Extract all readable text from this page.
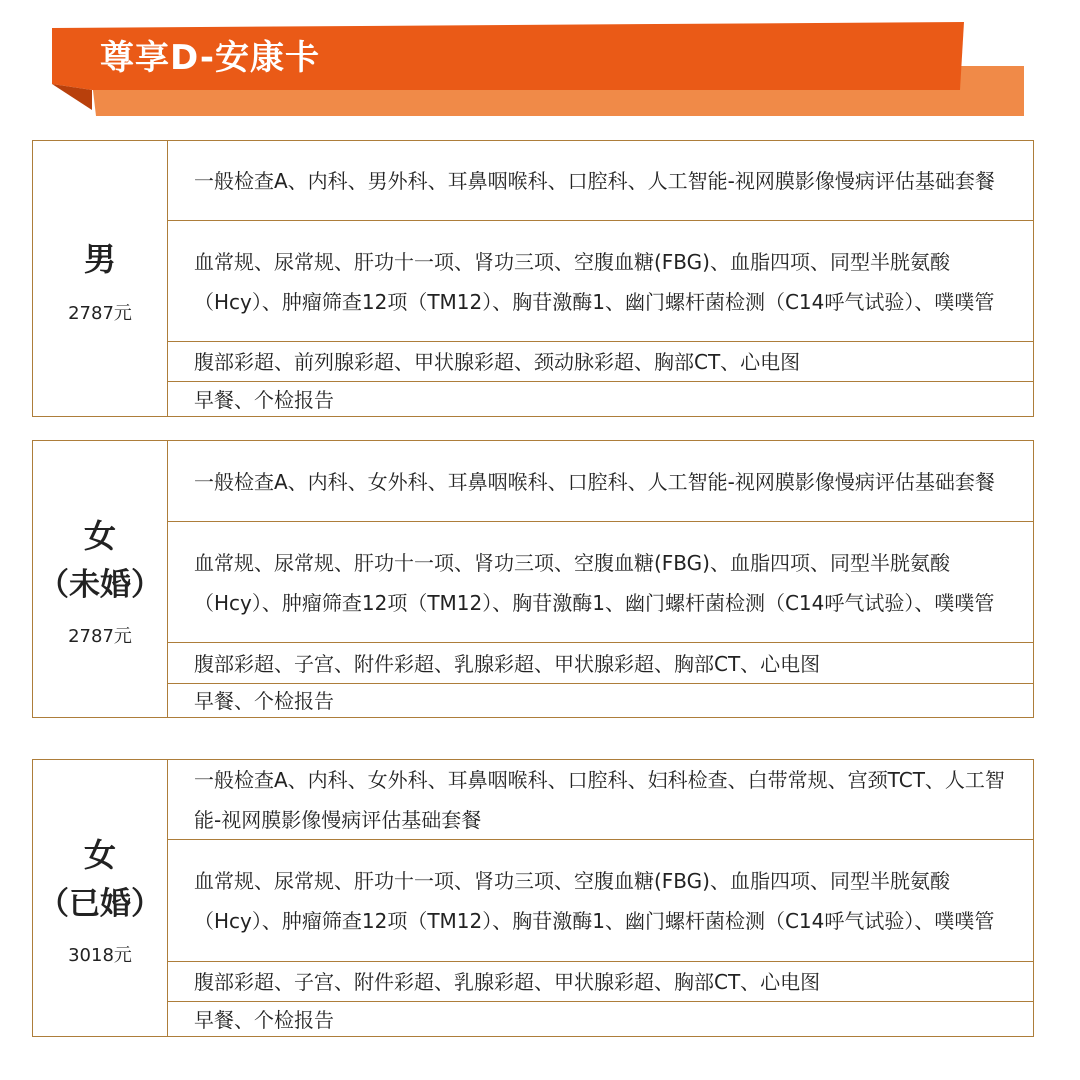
尊享D-安康卡
男
2787元
一般检查A、内科、男外科、耳鼻咽喉科、口腔科、人工智能-视网膜影像慢病评估基础套餐
血常规、尿常规、肝功十一项、肾功三项、空腹血糖(FBG)、血脂四项、同型半胱氨酸（Hcy）、肿瘤筛查12项（TM12）、胸苷激酶1、幽门螺杆菌检测（C14呼气试验）、噗噗管
腹部彩超、前列腺彩超、甲状腺彩超、颈动脉彩超、胸部CT、心电图
早餐、个检报告
女
（未婚）
2787元
一般检查A、内科、女外科、耳鼻咽喉科、口腔科、人工智能-视网膜影像慢病评估基础套餐
血常规、尿常规、肝功十一项、肾功三项、空腹血糖(FBG)、血脂四项、同型半胱氨酸（Hcy）、肿瘤筛查12项（TM12）、胸苷激酶1、幽门螺杆菌检测（C14呼气试验）、噗噗管
腹部彩超、子宫、附件彩超、乳腺彩超、甲状腺彩超、胸部CT、心电图
早餐、个检报告
女
（已婚）
3018元
一般检查A、内科、女外科、耳鼻咽喉科、口腔科、妇科检查、白带常规、宫颈TCT、人工智能-视网膜影像慢病评估基础套餐
血常规、尿常规、肝功十一项、肾功三项、空腹血糖(FBG)、血脂四项、同型半胱氨酸（Hcy）、肿瘤筛查12项（TM12）、胸苷激酶1、幽门螺杆菌检测（C14呼气试验）、噗噗管
腹部彩超、子宫、附件彩超、乳腺彩超、甲状腺彩超、胸部CT、心电图
早餐、个检报告
